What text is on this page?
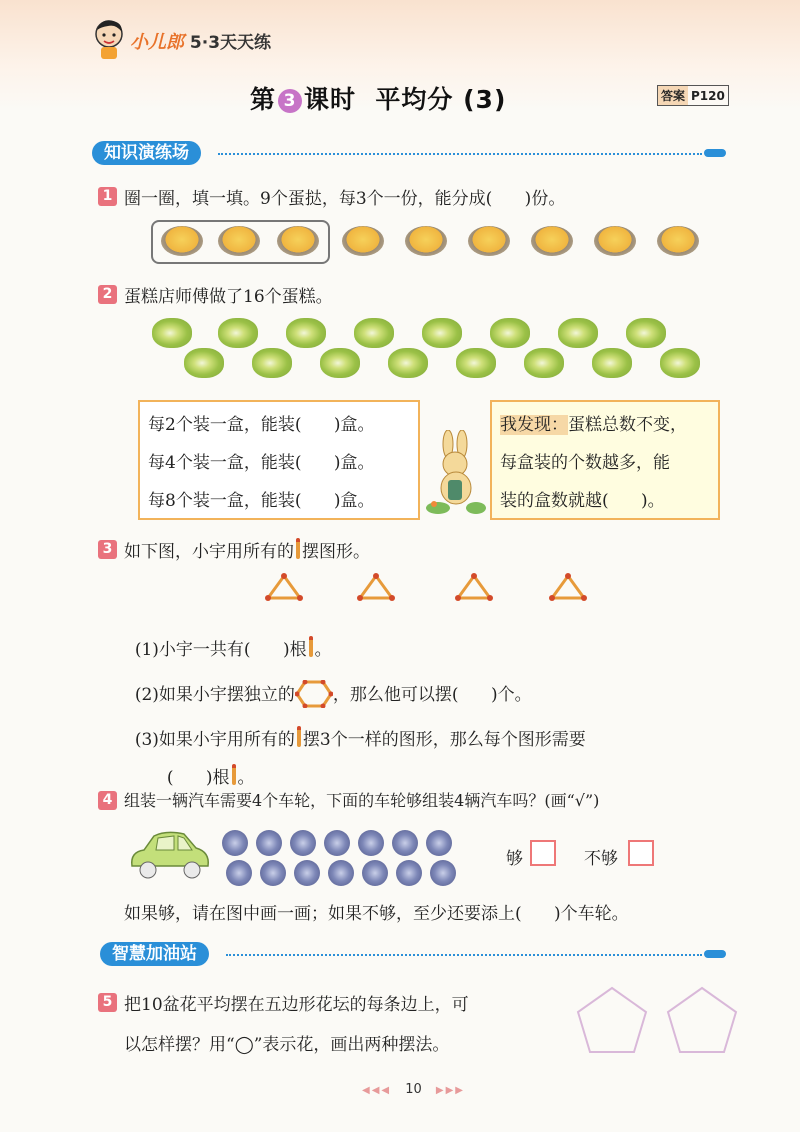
小儿郎 5·3天天练
第 3 课时  平均分 (3)	答案 P120
知识演练场
1 圈一圈，填一填。9个蛋挞，每3个一份，能分成(      )份。
2 蛋糕店师傅做了16个蛋糕。
每2个装一盒，能装(      )盒。
每4个装一盒，能装(      )盒。
每8个装一盒，能装(      )盒。
我发现：蛋糕总数不变，
每盒装的个数越多，能
装的盒数就越(      )。
3 如下图，小宇用所有的 摆图形。

(1)小宇一共有(      )根 。

(2)如果小宇摆独立的 ，那么他可以摆(      )个。

(3)如果小宇用所有的 摆3个一样的图形，那么每个图形需要

(      )根 。

4 组装一辆汽车需要4个车轮，下面的车轮够组装4辆汽车吗？(画“√”)
够	不够
如果够，请在图中画一画；如果不够，至少还要添上(      )个车轮。
智慧加油站
5 把10盆花平均摆在五边形花坛的每条边上，可
以怎样摆？用“◯”表示花，画出两种摆法。
◀◀◀ 10 ▶▶▶
